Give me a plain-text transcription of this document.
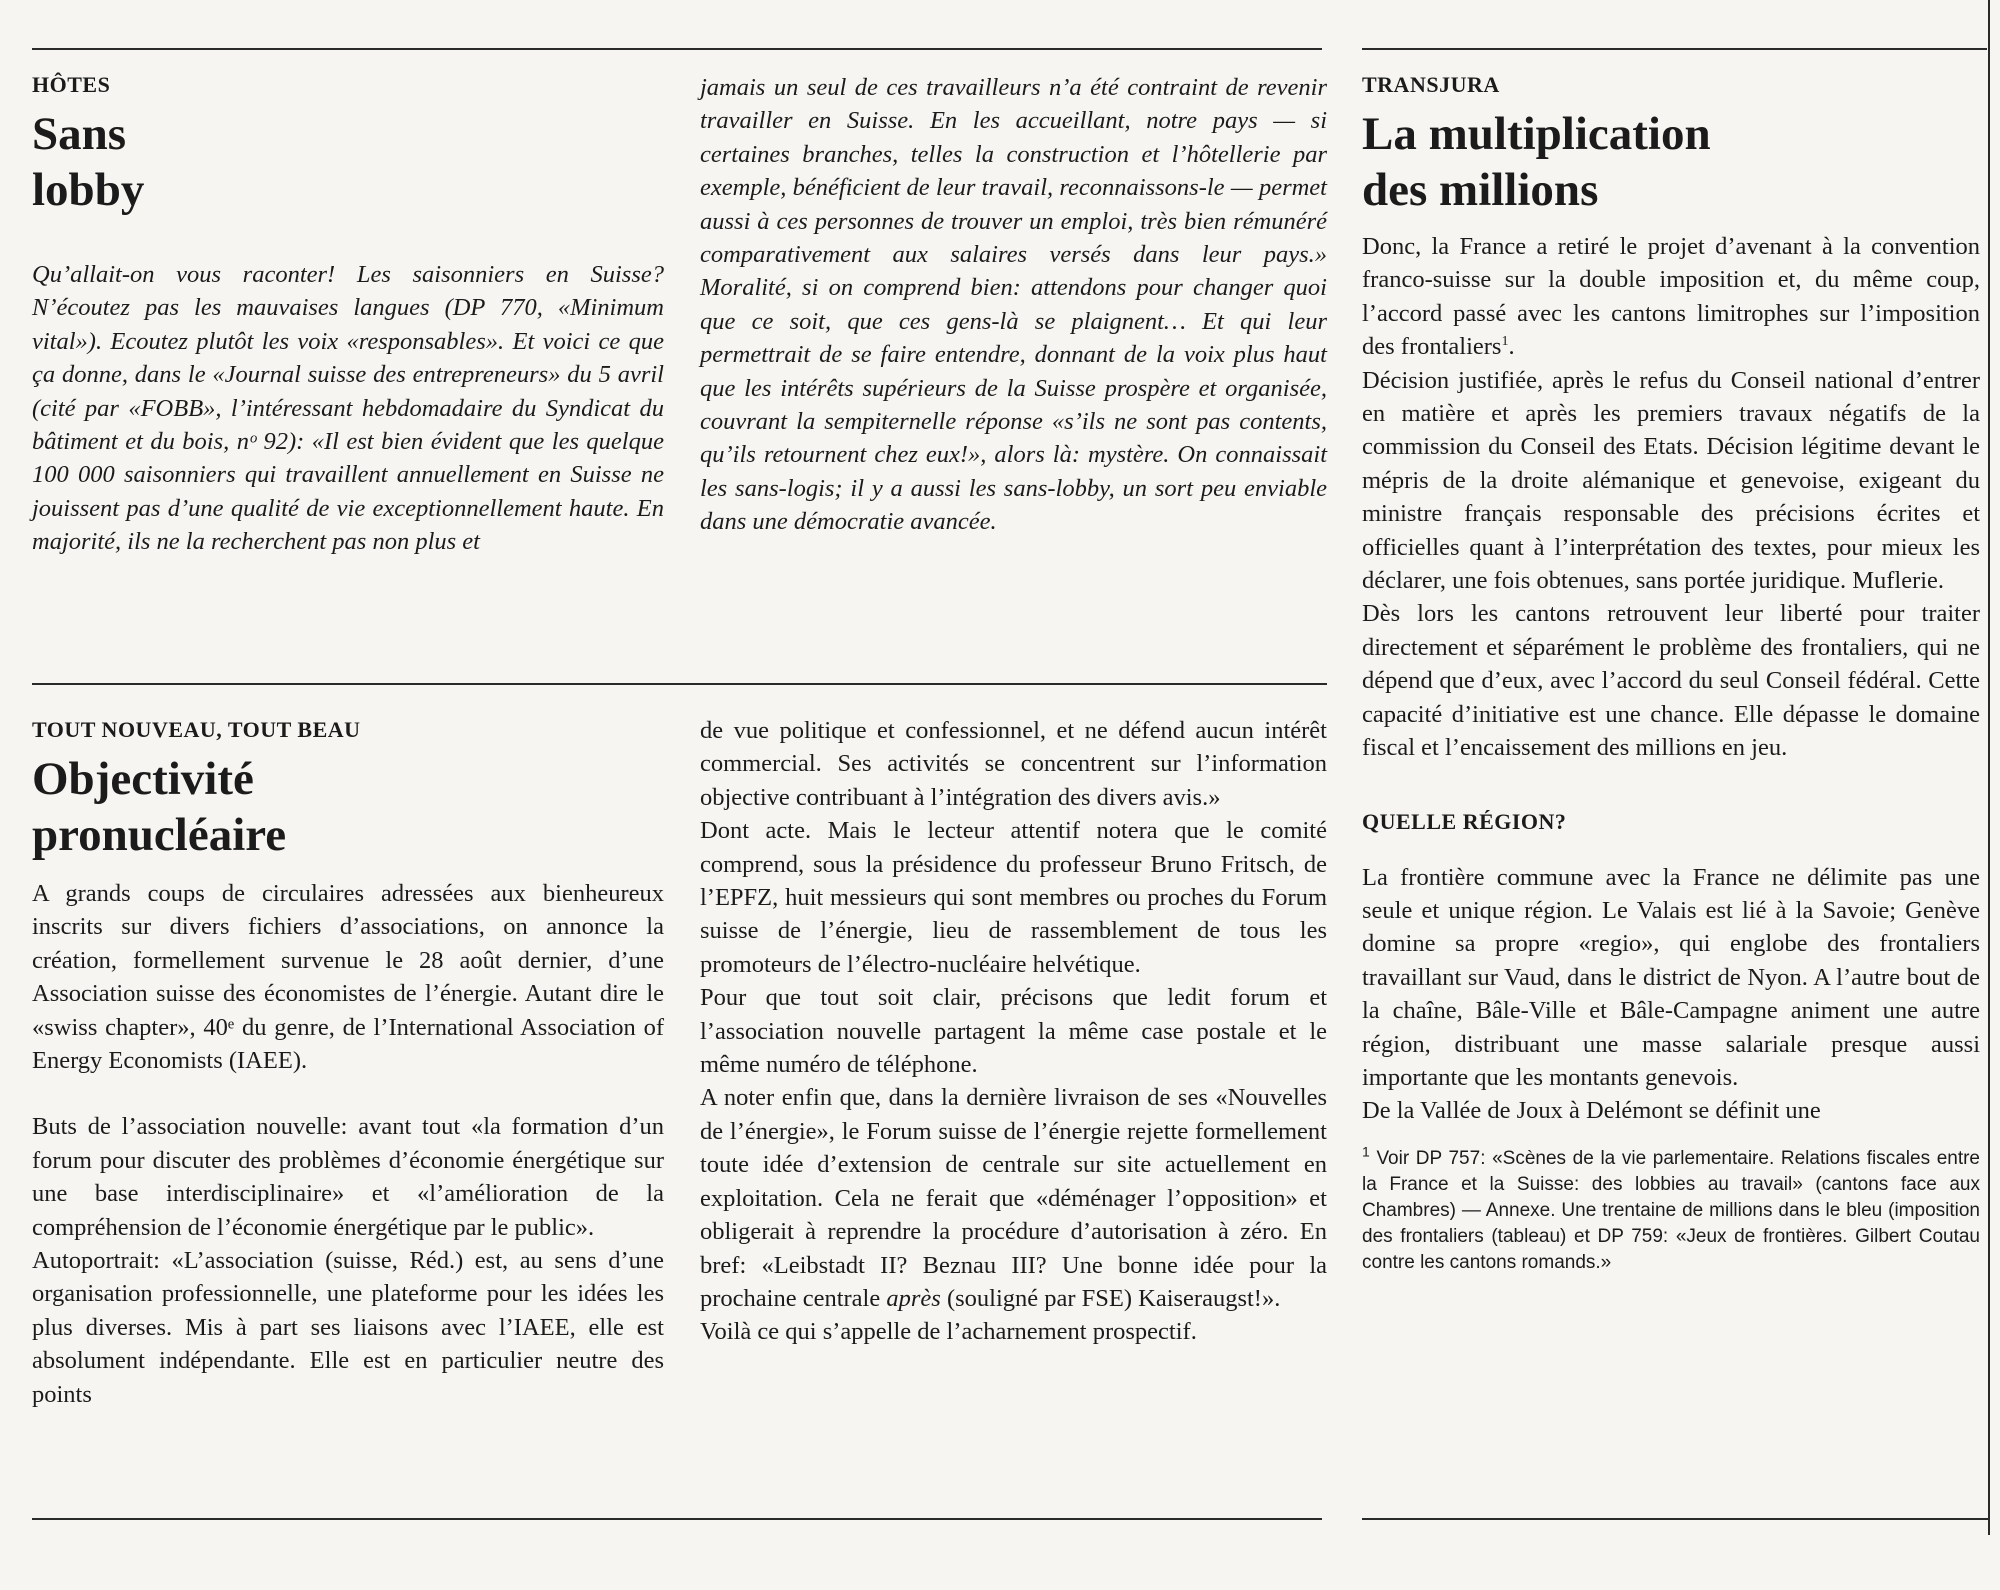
HÔTES

Sans
lobby

Qu’allait-on vous raconter! Les saisonniers en Suisse? N’écoutez pas les mauvaises langues (DP 770, «Minimum vital»). Ecoutez plutôt les voix «responsables». Et voici ce que ça donne, dans le «Journal suisse des entrepreneurs» du 5 avril (cité par «FOBB», l’intéressant hebdomadaire du Syndicat du bâtiment et du bois, nᵒ 92): «Il est bien évident que les quelque 100 000 saisonniers qui travaillent annuellement en Suisse ne jouissent pas d’une qualité de vie exceptionnellement haute. En majorité, ils ne la recherchent pas non plus et

jamais un seul de ces travailleurs n’a été contraint de revenir travailler en Suisse. En les accueillant, notre pays — si certaines branches, telles la construction et l’hôtellerie par exemple, bénéficient de leur travail, reconnaissons-le — permet aussi à ces personnes de trouver un emploi, très bien rémunéré comparativement aux salaires versés dans leur pays.» Moralité, si on comprend bien: attendons pour changer quoi que ce soit, que ces gens-là se plaignent… Et qui leur permettrait de se faire entendre, donnant de la voix plus haut que les intérêts supérieurs de la Suisse prospère et organisée, couvrant la sempiternelle réponse «s’ils ne sont pas contents, qu’ils retournent chez eux!», alors là: mystère. On connaissait les sans-logis; il y a aussi les sans-lobby, un sort peu enviable dans une démocratie avancée.

TOUT NOUVEAU, TOUT BEAU

Objectivité
pronucléaire

A grands coups de circulaires adressées aux bienheureux inscrits sur divers fichiers d’associations, on annonce la création, formellement survenue le 28 août dernier, d’une Association suisse des économistes de l’énergie. Autant dire le «swiss chapter», 40ᵉ du genre, de l’International Association of Energy Economists (IAEE).

Buts de l’association nouvelle: avant tout «la formation d’un forum pour discuter des problèmes d’économie énergétique sur une base interdisciplinaire» et «l’amélioration de la compréhension de l’économie énergétique par le public».

Autoportrait: «L’association (suisse, Réd.) est, au sens d’une organisation professionnelle, une plateforme pour les idées les plus diverses. Mis à part ses liaisons avec l’IAEE, elle est absolument indépendante. Elle est en particulier neutre des points

de vue politique et confessionnel, et ne défend aucun intérêt commercial. Ses activités se concentrent sur l’information objective contribuant à l’intégration des divers avis.»

Dont acte. Mais le lecteur attentif notera que le comité comprend, sous la présidence du professeur Bruno Fritsch, de l’EPFZ, huit messieurs qui sont membres ou proches du Forum suisse de l’énergie, lieu de rassemblement de tous les promoteurs de l’électro-nucléaire helvétique.

Pour que tout soit clair, précisons que ledit forum et l’association nouvelle partagent la même case postale et le même numéro de téléphone.

A noter enfin que, dans la dernière livraison de ses «Nouvelles de l’énergie», le Forum suisse de l’énergie rejette formellement toute idée d’extension de centrale sur site actuellement en exploitation. Cela ne ferait que «déménager l’opposition» et obligerait à reprendre la procédure d’autorisation à zéro. En bref: «Leibstadt II? Beznau III? Une bonne idée pour la prochaine centrale après (souligné par FSE) Kaiseraugst!».

Voilà ce qui s’appelle de l’acharnement prospectif.

TRANSJURA

La multiplication
des millions

Donc, la France a retiré le projet d’avenant à la convention franco-suisse sur la double imposition et, du même coup, l’accord passé avec les cantons limitrophes sur l’imposition des frontaliers$^1$.

Décision justifiée, après le refus du Conseil national d’entrer en matière et après les premiers travaux négatifs de la commission du Conseil des Etats. Décision légitime devant le mépris de la droite alémanique et genevoise, exigeant du ministre français responsable des précisions écrites et officielles quant à l’interprétation des textes, pour mieux les déclarer, une fois obtenues, sans portée juridique. Muflerie.

Dès lors les cantons retrouvent leur liberté pour traiter directement et séparément le problème des frontaliers, qui ne dépend que d’eux, avec l’accord du seul Conseil fédéral. Cette capacité d’initiative est une chance. Elle dépasse le domaine fiscal et l’encaissement des millions en jeu.

QUELLE RÉGION?

La frontière commune avec la France ne délimite pas une seule et unique région. Le Valais est lié à la Savoie; Genève domine sa propre «regio», qui englobe des frontaliers travaillant sur Vaud, dans le district de Nyon. A l’autre bout de la chaîne, Bâle-Ville et Bâle-Campagne animent une autre région, distribuant une masse salariale presque aussi importante que les montants genevois.

De la Vallée de Joux à Delémont se définit une

$^1$ Voir DP 757: «Scènes de la vie parlementaire. Relations fiscales entre la France et la Suisse: des lobbies au travail» (cantons face aux Chambres) — Annexe. Une trentaine de millions dans le bleu (imposition des frontaliers (tableau) et DP 759: «Jeux de frontières. Gilbert Coutau contre les cantons romands.»
